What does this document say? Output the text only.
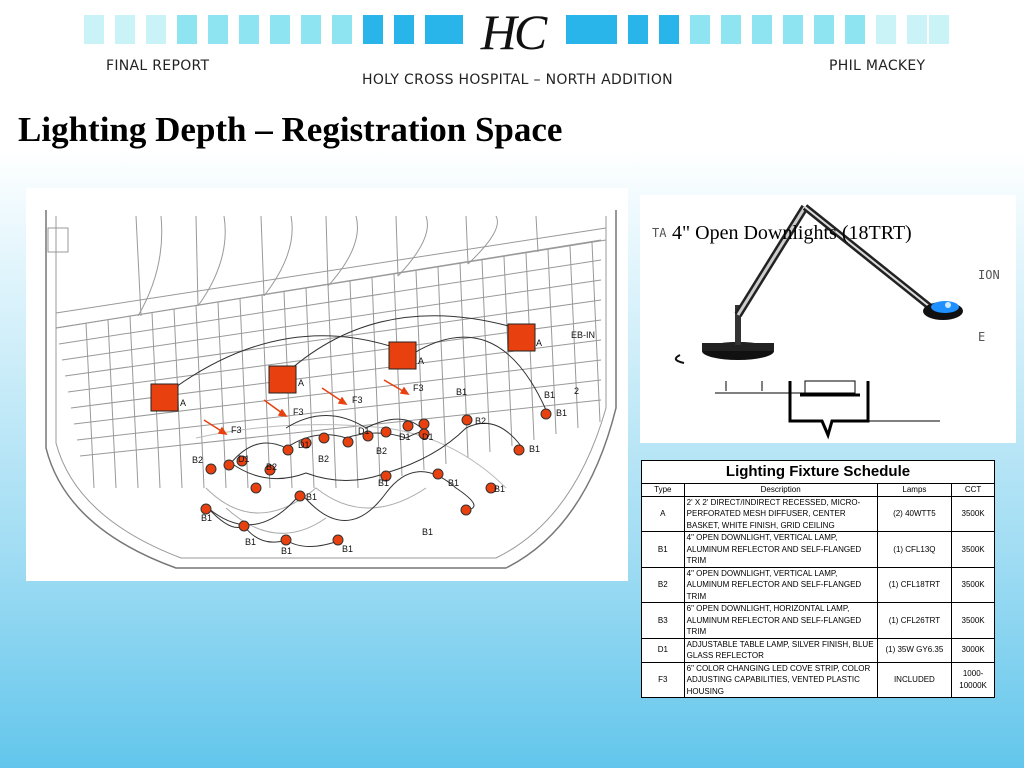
HC
FINAL REPORT	PHIL MACKEY
HOLY CROSS HOSPITAL – NORTH ADDITION
Lighting Depth – Registration Space
A
A
A
A
F3
F3
F3
F3
B2
B2
B2
B2
B2
D1
D1
D1
D1 D1
B1
B1	B1
B1
B1
B1
B1
B1	B1
B1
B1
B1
B1	2
EB-IN
TA
ION
E
4" Open Downlights (18TRT)
Lighting Fixture Schedule			
Type	Description	Lamps	CCT
A	2' X 2' DIRECT/INDIRECT RECESSED, MICRO-PERFORATED MESH DIFFUSER, CENTER BASKET, WHITE FINISH, GRID CEILING	(2) 40WTT5	3500K
B1	4" OPEN DOWNLIGHT, VERTICAL LAMP, ALUMINUM REFLECTOR AND SELF-FLANGED TRIM	(1) CFL13Q	3500K
B2	4" OPEN DOWNLIGHT, VERTICAL LAMP, ALUMINUM REFLECTOR AND SELF-FLANGED TRIM	(1) CFL18TRT	3500K
B3	6" OPEN DOWNLIGHT, HORIZONTAL LAMP, ALUMINUM REFLECTOR AND SELF-FLANGED TRIM	(1) CFL26TRT	3500K
D1	ADJUSTABLE TABLE LAMP, SILVER FINISH, BLUE GLASS REFLECTOR	(1) 35W GY6.35	3000K
F3	6" COLOR CHANGING LED COVE STRIP, COLOR ADJUSTING CAPABILITIES, VENTED PLASTIC HOUSING	INCLUDED	1000-10000K
